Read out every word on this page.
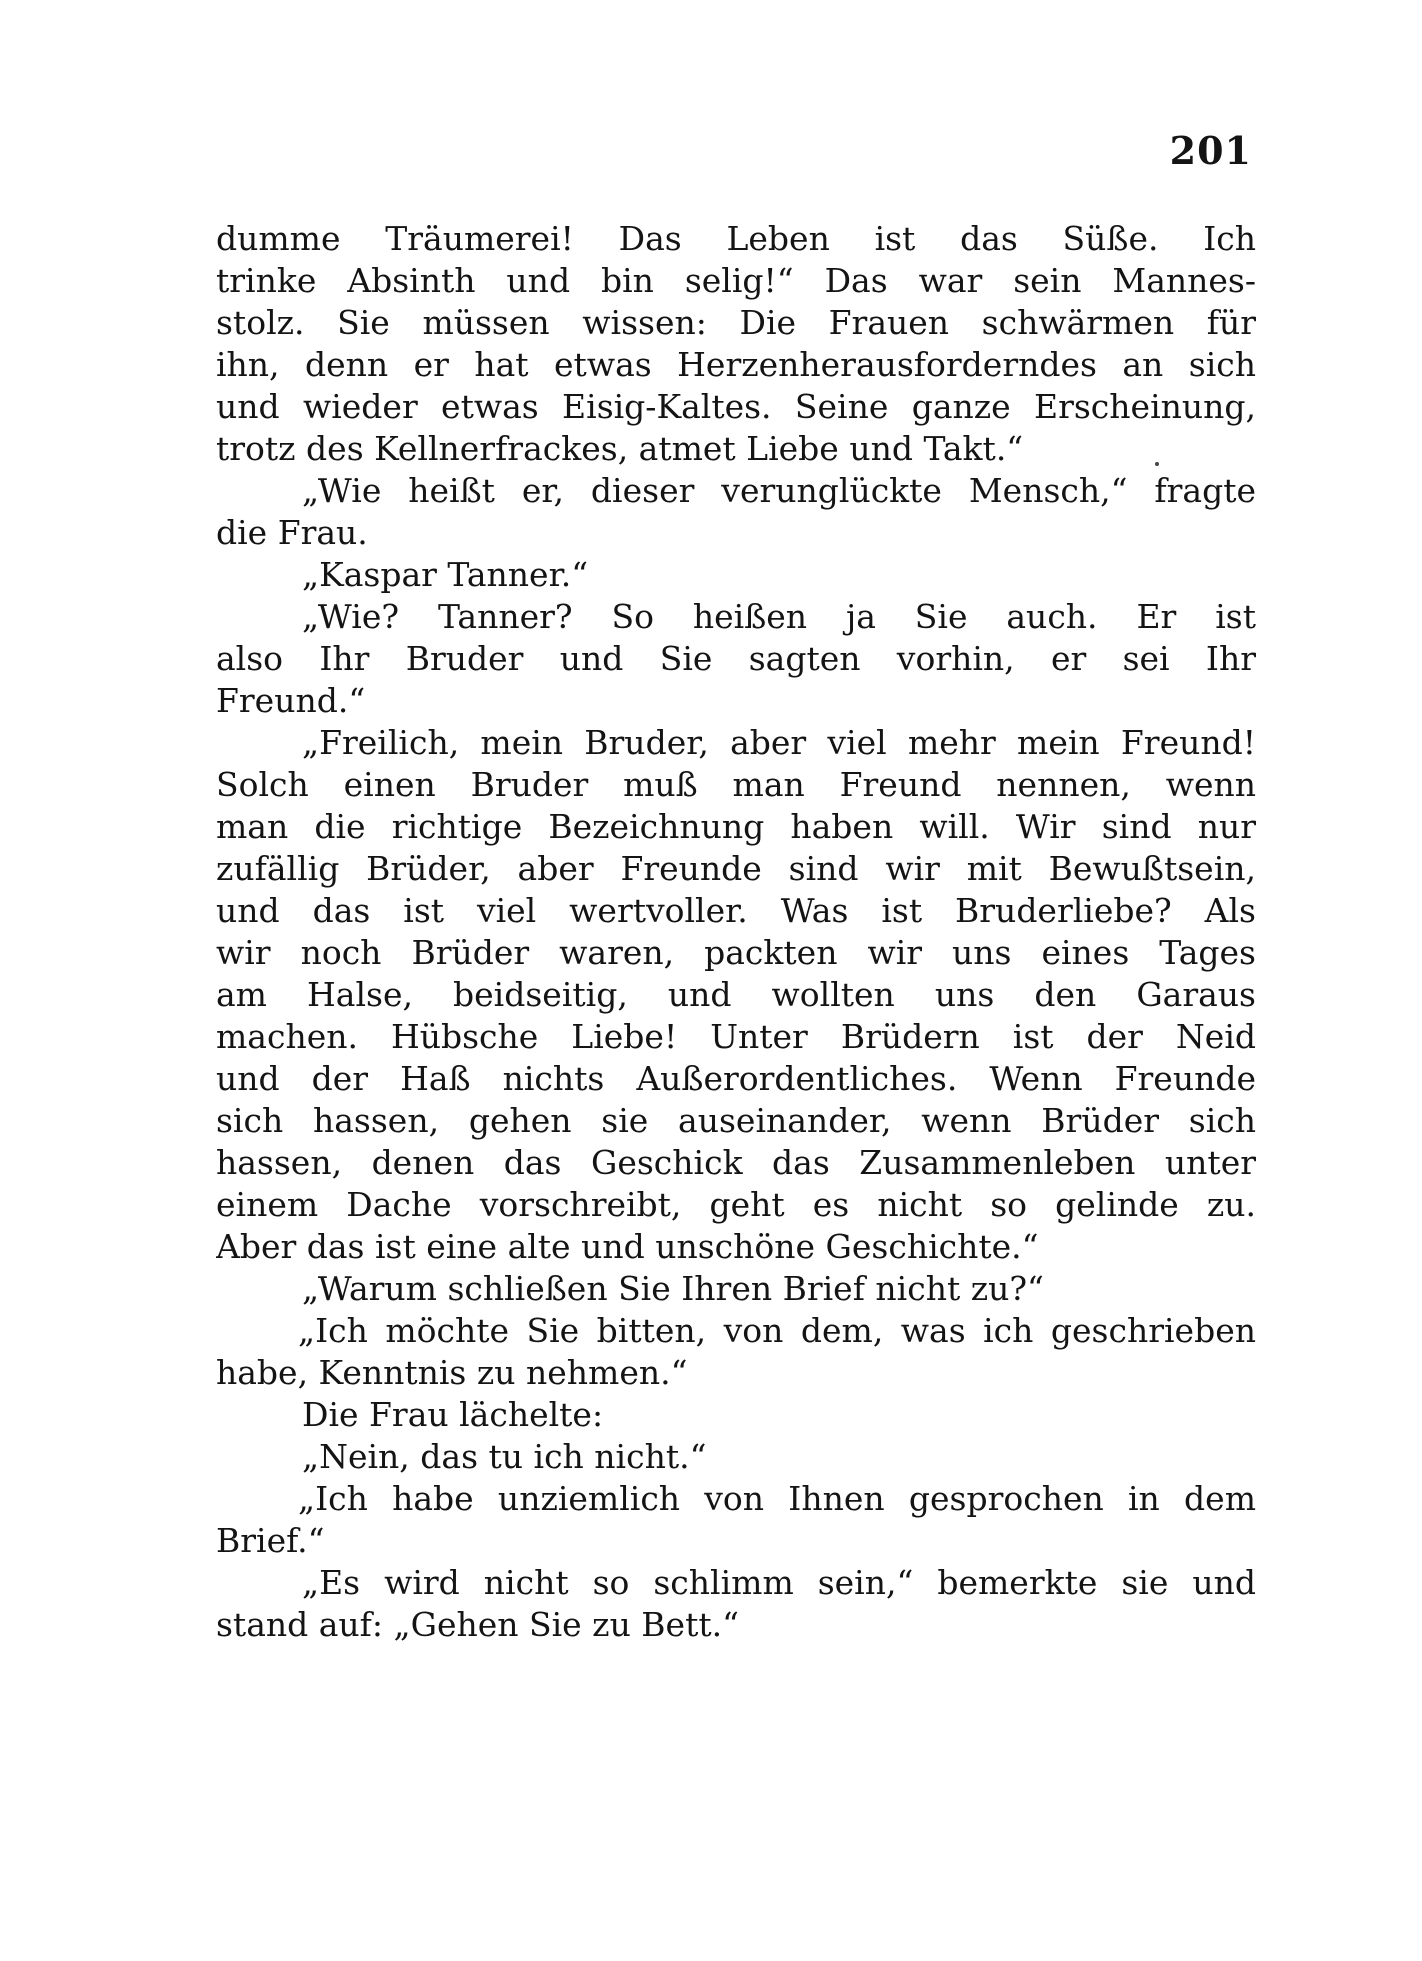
201
dumme Träumerei! Das Leben ist das Süße. Ich
trinke Absinth und bin selig!“ Das war sein Mannes-
stolz. Sie müssen wissen: Die Frauen schwärmen für
ihn, denn er hat etwas Herzenherausforderndes an sich
und wieder etwas Eisig-Kaltes. Seine ganze Erscheinung,
trotz des Kellnerfrackes, atmet Liebe und Takt.“
„Wie heißt er, dieser verunglückte Mensch,“ fragte
die Frau.
„Kaspar Tanner.“
„Wie? Tanner? So heißen ja Sie auch. Er ist
also Ihr Bruder und Sie sagten vorhin, er sei Ihr
Freund.“
„Freilich, mein Bruder, aber viel mehr mein Freund!
Solch einen Bruder muß man Freund nennen, wenn
man die richtige Bezeichnung haben will. Wir sind nur
zufällig Brüder, aber Freunde sind wir mit Bewußtsein,
und das ist viel wertvoller. Was ist Bruderliebe? Als
wir noch Brüder waren, packten wir uns eines Tages
am Halse, beidseitig, und wollten uns den Garaus
machen. Hübsche Liebe! Unter Brüdern ist der Neid
und der Haß nichts Außerordentliches. Wenn Freunde
sich hassen, gehen sie auseinander, wenn Brüder sich
hassen, denen das Geschick das Zusammenleben unter
einem Dache vorschreibt, geht es nicht so gelinde zu.
Aber das ist eine alte und unschöne Geschichte.“
„Warum schließen Sie Ihren Brief nicht zu?“
„Ich möchte Sie bitten, von dem, was ich geschrieben
habe, Kenntnis zu nehmen.“
Die Frau lächelte:
„Nein, das tu ich nicht.“
„Ich habe unziemlich von Ihnen gesprochen in dem
Brief.“
„Es wird nicht so schlimm sein,“ bemerkte sie und
stand auf: „Gehen Sie zu Bett.“
